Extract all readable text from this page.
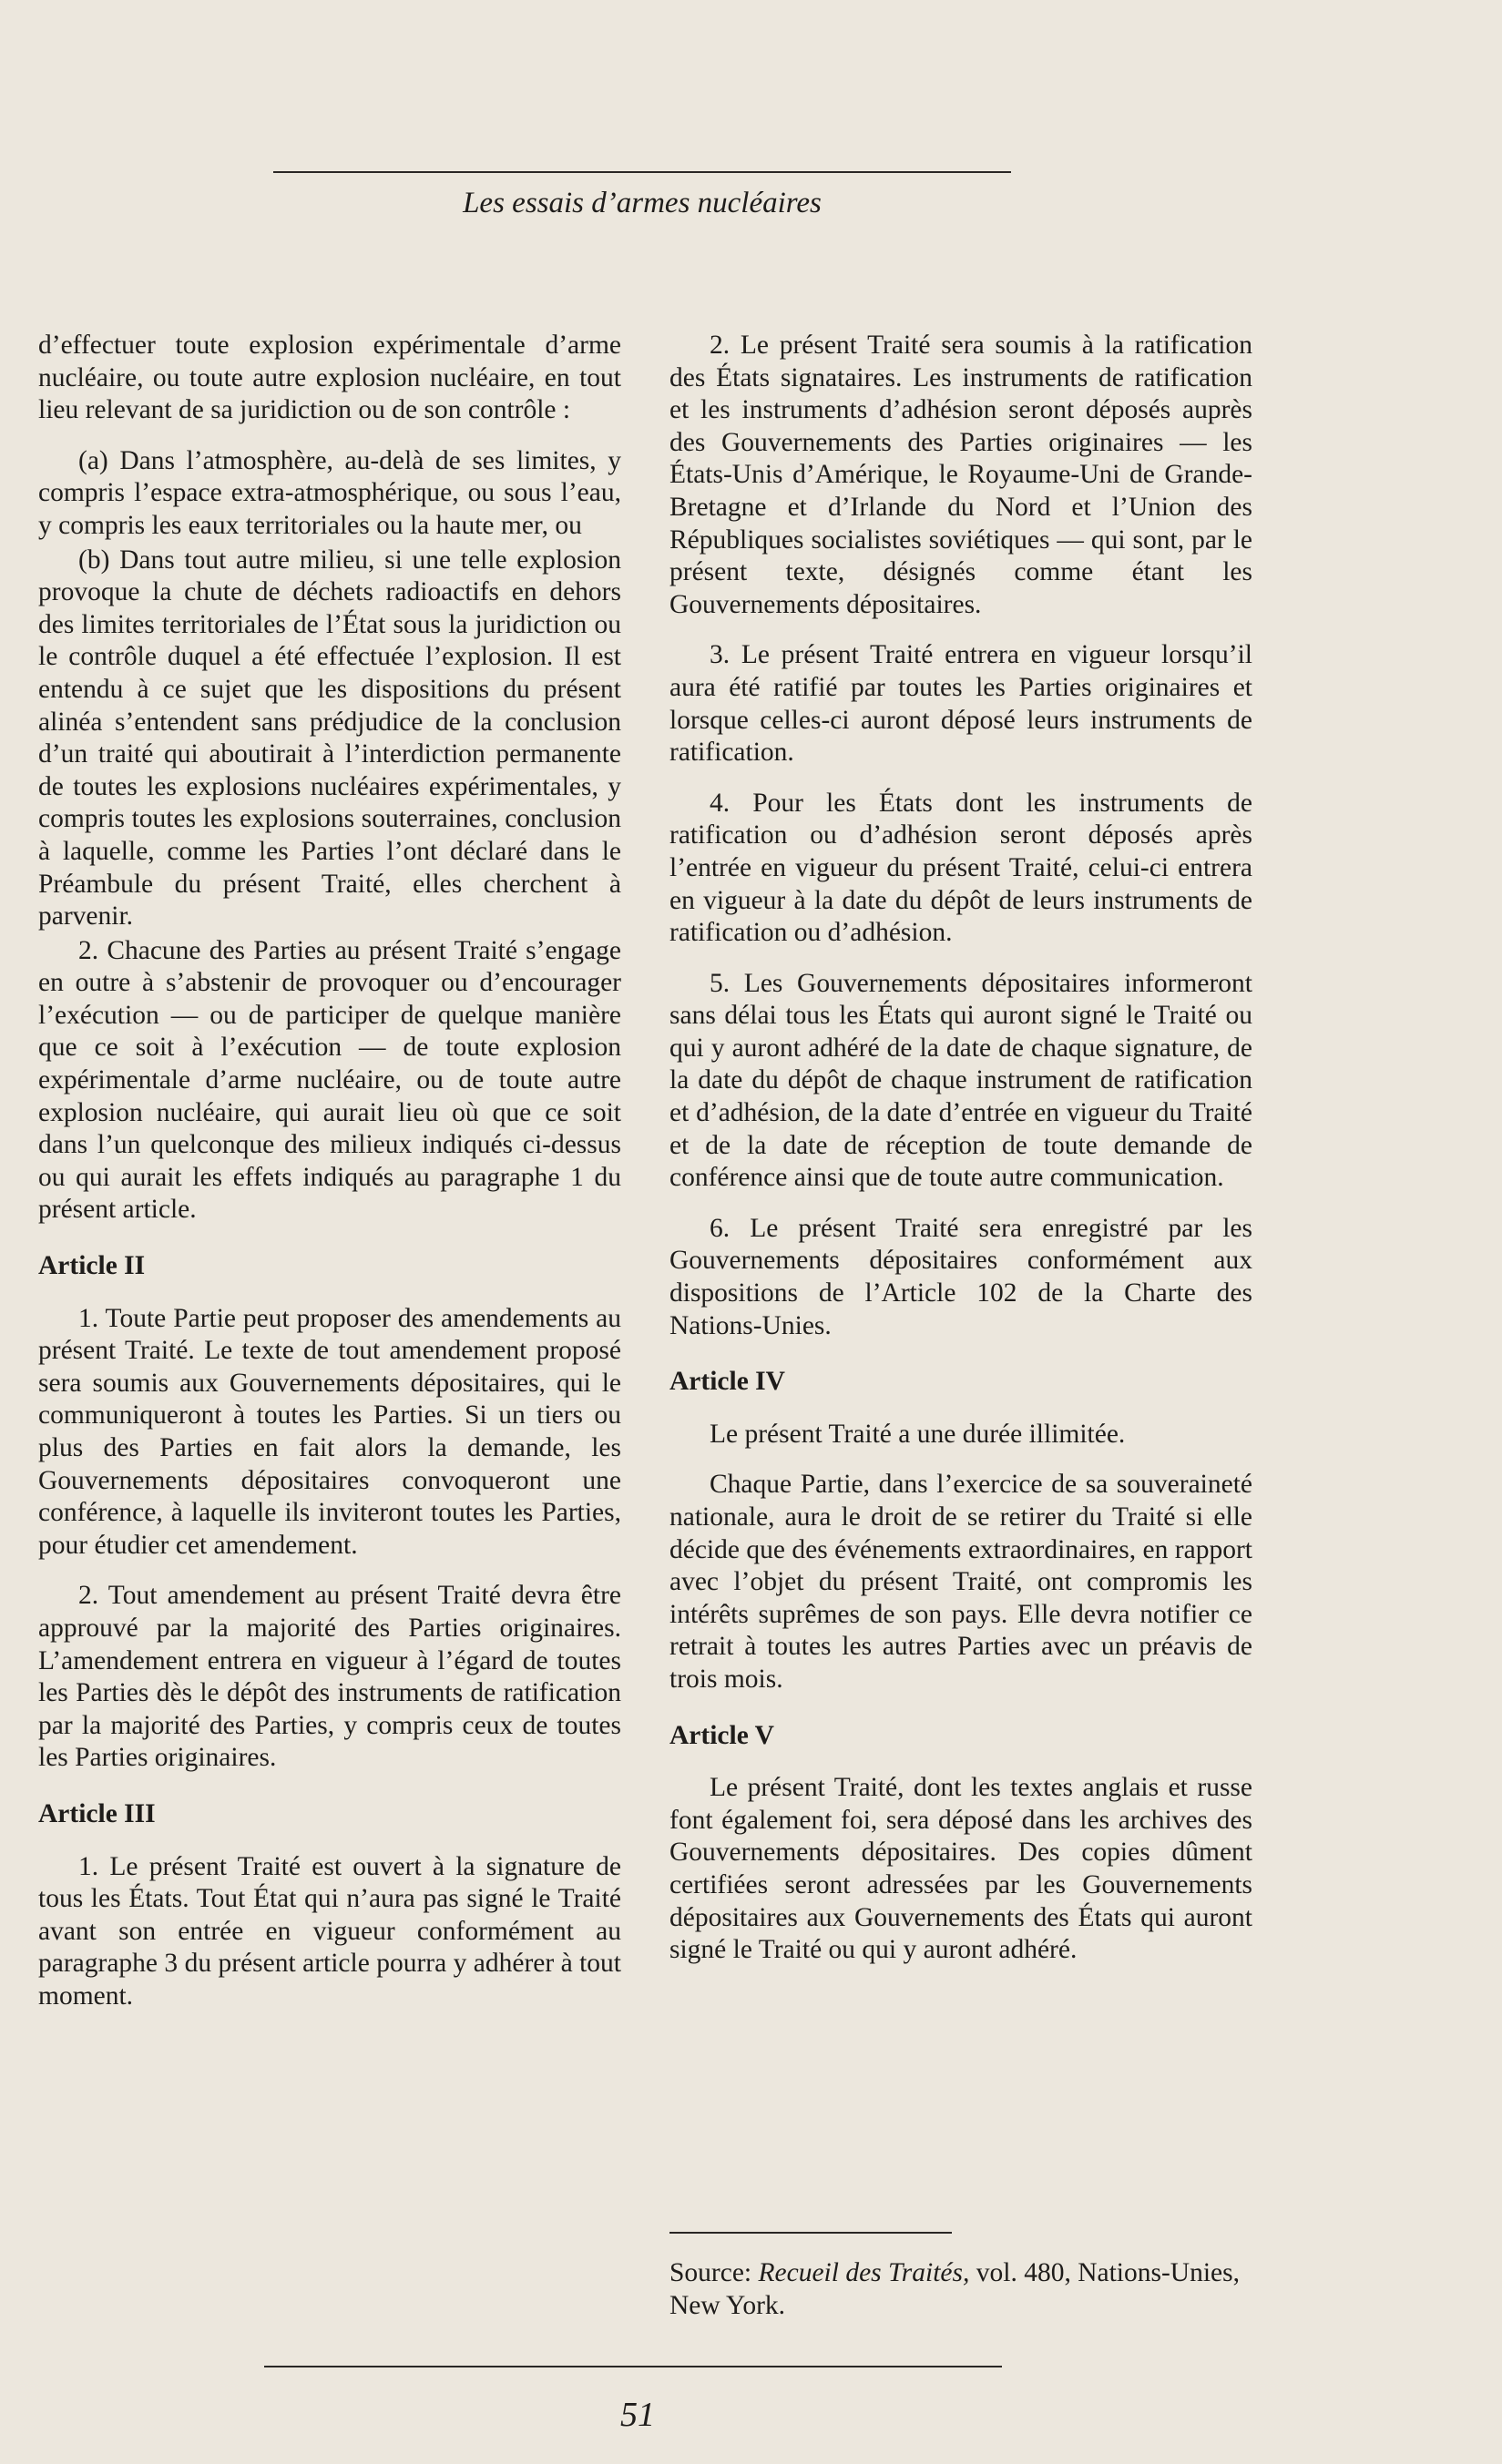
Les essais d’armes nucléaires

d’effectuer toute explosion expérimentale d’arme nucléaire, ou toute autre explosion nucléaire, en tout lieu relevant de sa juridiction ou de son contrôle :

(a) Dans l’atmosphère, au-delà de ses limites, y compris l’espace extra-atmosphérique, ou sous l’eau, y compris les eaux territoriales ou la haute mer, ou

(b) Dans tout autre milieu, si une telle explosion provoque la chute de déchets radioactifs en dehors des limites territoriales de l’État sous la juridiction ou le contrôle duquel a été effectuée l’explosion. Il est entendu à ce sujet que les dispositions du présent alinéa s’entendent sans prédjudice de la conclusion d’un traité qui aboutirait à l’interdiction permanente de toutes les explosions nucléaires expérimentales, y compris toutes les explosions souterraines, conclusion à laquelle, comme les Parties l’ont déclaré dans le Préambule du présent Traité, elles cherchent à parvenir.

2. Chacune des Parties au présent Traité s’engage en outre à s’abstenir de provoquer ou d’encourager l’exécution — ou de participer de quelque manière que ce soit à l’exécution — de toute explosion expérimentale d’arme nucléaire, ou de toute autre explosion nucléaire, qui aurait lieu où que ce soit dans l’un quelconque des milieux indiqués ci-dessus ou qui aurait les effets indiqués au paragraphe 1 du présent article.

Article II

1. Toute Partie peut proposer des amendements au présent Traité. Le texte de tout amendement proposé sera soumis aux Gouvernements dépositaires, qui le communiqueront à toutes les Parties. Si un tiers ou plus des Parties en fait alors la demande, les Gouvernements dépositaires convoqueront une conférence, à laquelle ils inviteront toutes les Parties, pour étudier cet amendement.

2. Tout amendement au présent Traité devra être approuvé par la majorité des Parties originaires. L’amendement entrera en vigueur à l’égard de toutes les Parties dès le dépôt des instruments de ratification par la majorité des Parties, y compris ceux de toutes les Parties originaires.

Article III

1. Le présent Traité est ouvert à la signature de tous les États. Tout État qui n’aura pas signé le Traité avant son entrée en vigueur conformément au paragraphe 3 du présent article pourra y adhérer à tout moment.

2. Le présent Traité sera soumis à la ratification des États signataires. Les instruments de ratification et les instruments d’adhésion seront déposés auprès des Gouvernements des Parties originaires — les États-Unis d’Amérique, le Royaume-Uni de Grande-Bretagne et d’Irlande du Nord et l’Union des Républiques socialistes soviétiques — qui sont, par le présent texte, désignés comme étant les Gouvernements dépositaires.

3. Le présent Traité entrera en vigueur lorsqu’il aura été ratifié par toutes les Parties originaires et lorsque celles-ci auront déposé leurs instruments de ratification.

4. Pour les États dont les instruments de ratification ou d’adhésion seront déposés après l’entrée en vigueur du présent Traité, celui-ci entrera en vigueur à la date du dépôt de leurs instruments de ratification ou d’adhésion.

5. Les Gouvernements dépositaires informeront sans délai tous les États qui auront signé le Traité ou qui y auront adhéré de la date de chaque signature, de la date du dépôt de chaque instrument de ratification et d’adhésion, de la date d’entrée en vigueur du Traité et de la date de réception de toute demande de conférence ainsi que de toute autre communication.

6. Le présent Traité sera enregistré par les Gouvernements dépositaires conformément aux dispositions de l’Article 102 de la Charte des Nations-Unies.

Article IV

Le présent Traité a une durée illimitée.

Chaque Partie, dans l’exercice de sa souveraineté nationale, aura le droit de se retirer du Traité si elle décide que des événements extraordinaires, en rapport avec l’objet du présent Traité, ont compromis les intérêts suprêmes de son pays. Elle devra notifier ce retrait à toutes les autres Parties avec un préavis de trois mois.

Article V

Le présent Traité, dont les textes anglais et russe font également foi, sera déposé dans les archives des Gouvernements dépositaires. Des copies dûment certifiées seront adressées par les Gouvernements dépositaires aux Gouvernements des États qui auront signé le Traité ou qui y auront adhéré.

Source: Recueil des Traités, vol. 480, Nations-Unies, New York.
51
